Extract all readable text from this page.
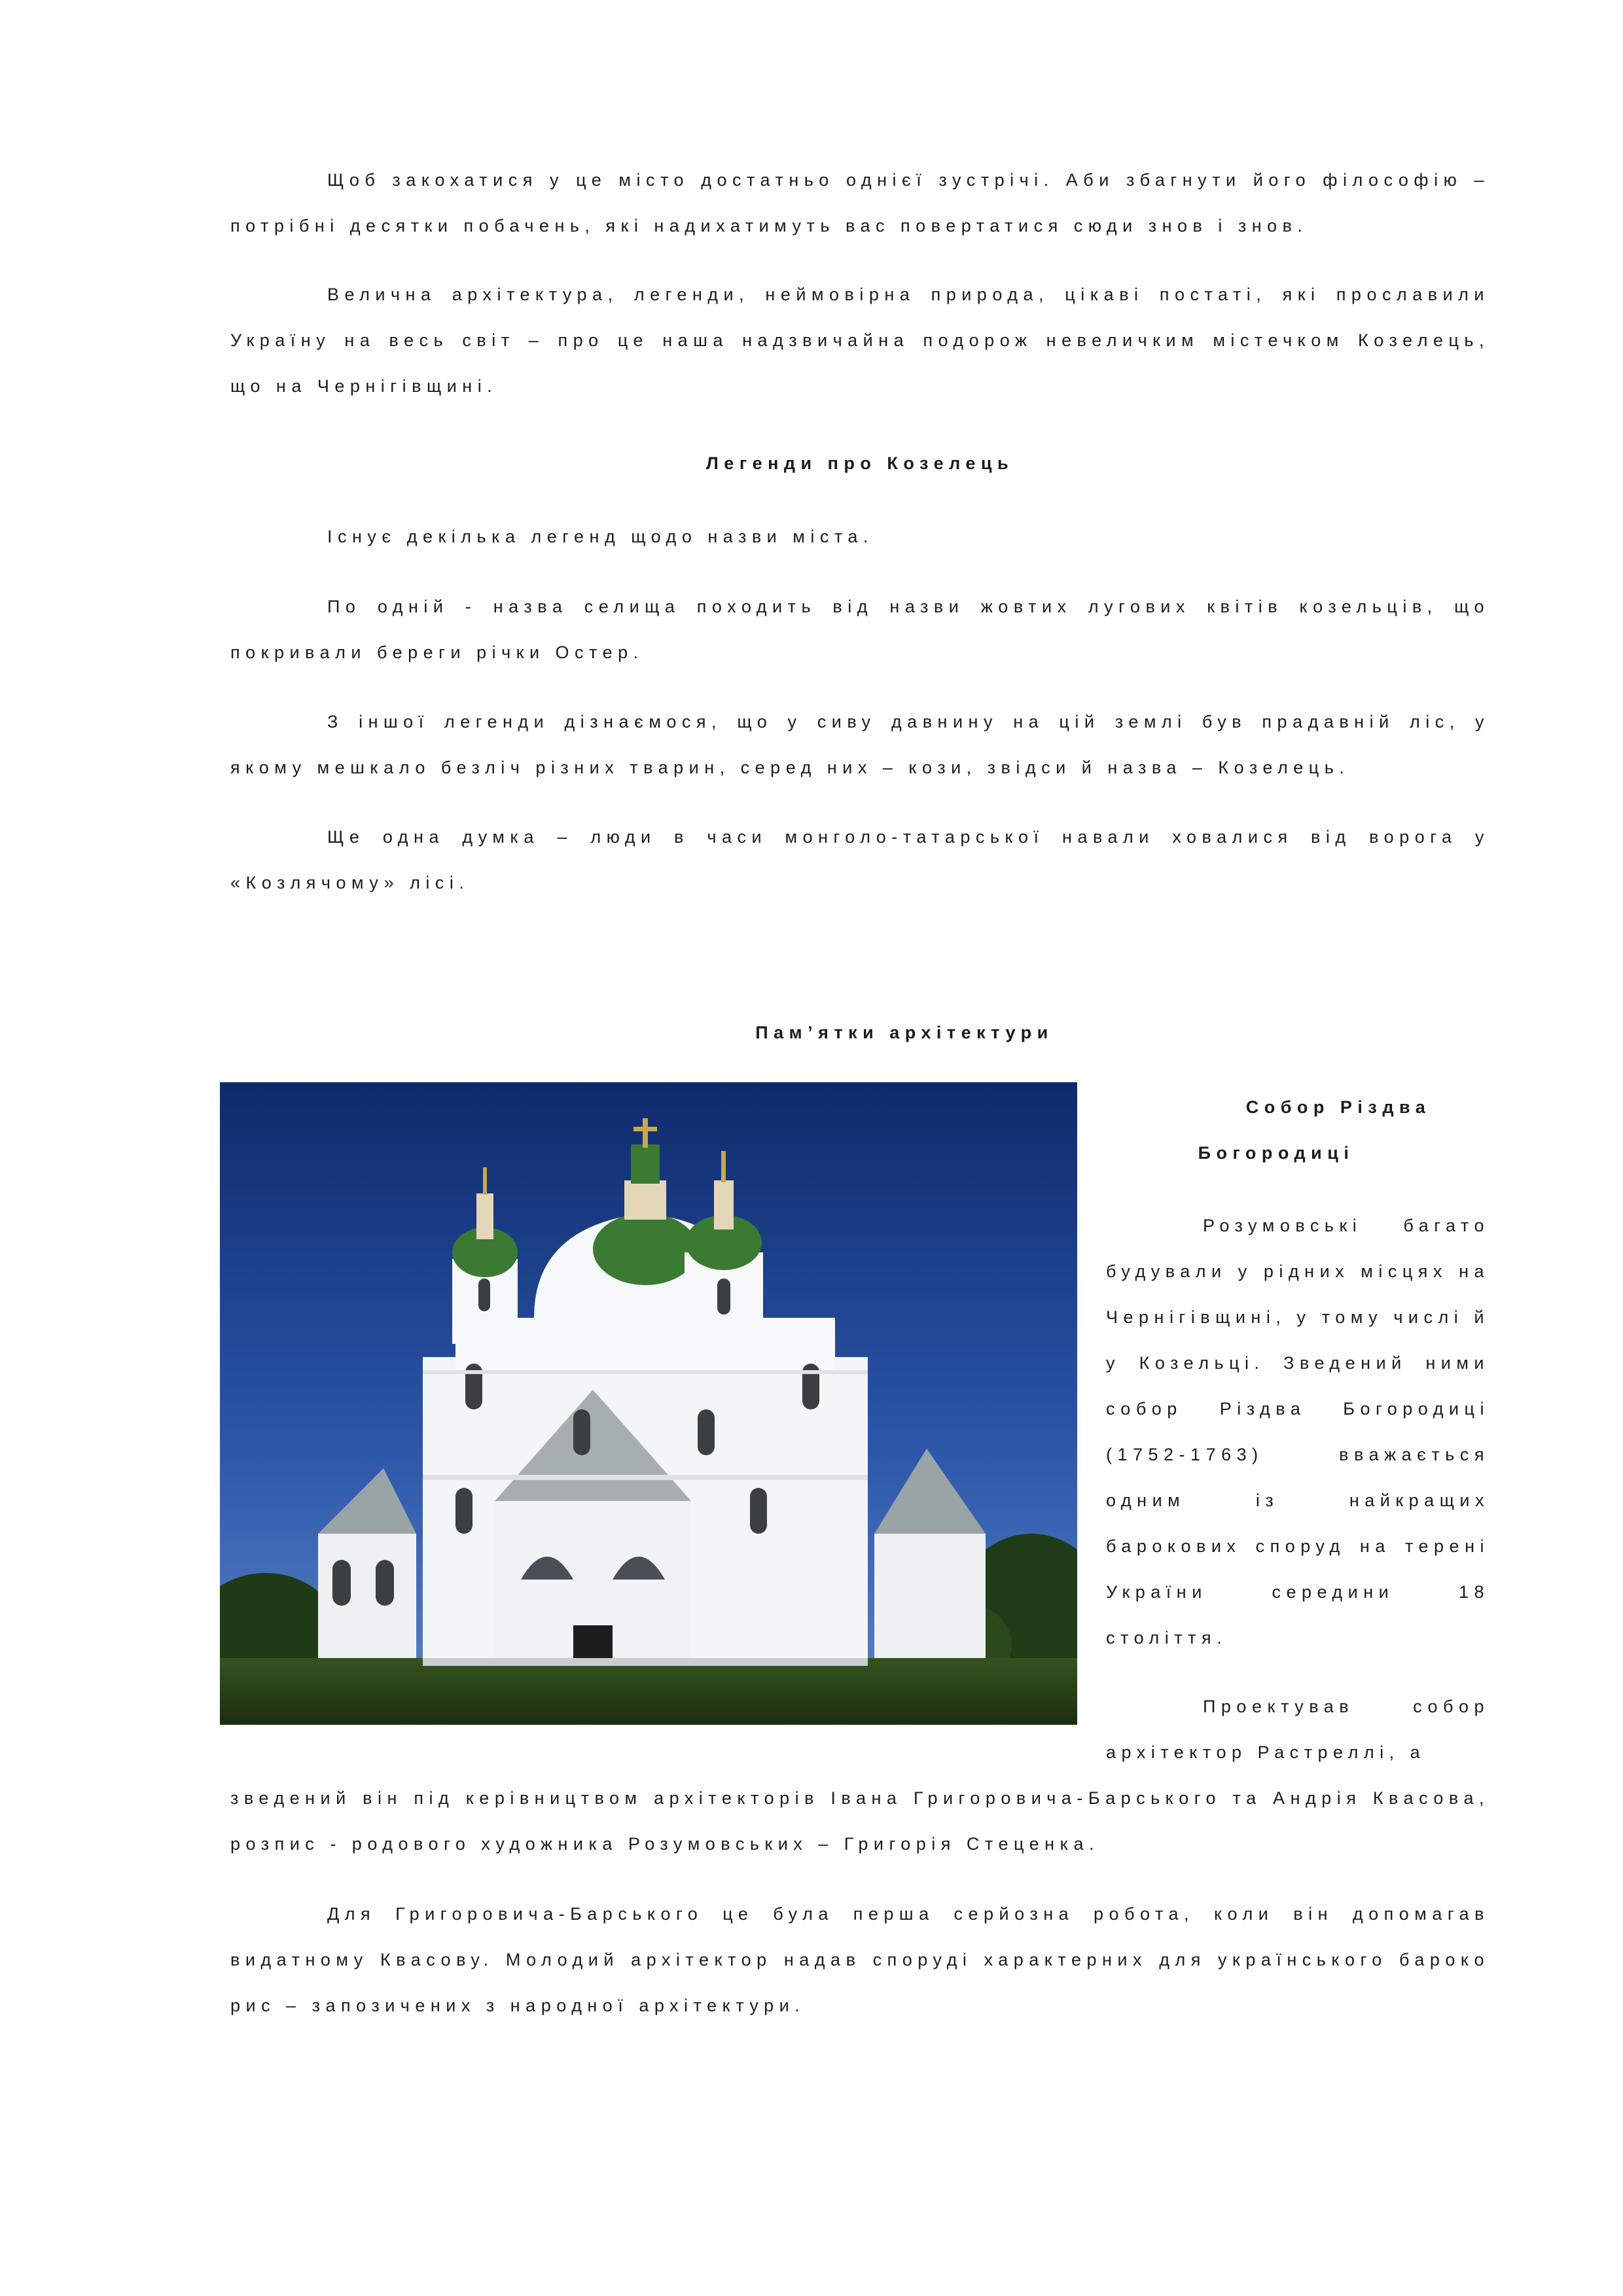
Щоб закохатися у це місто достатньо однієї зустрічі. Аби збагнути його філософію – потрібні десятки побачень, які надихатимуть вас повертатися сюди знов і знов.

Велична архітектура, легенди, неймовірна природа, цікаві постаті, які прославили Україну на весь світ – про це наша надзвичайна подорож невеличким містечком Козелець, що на Чернігівщині.

Легенди про Козелець

Існує декілька легенд щодо назви міста.

По одній - назва селища походить від назви жовтих лугових квітів козельців, що покривали береги річки Остер.

З іншої легенди дізнаємося, що у сиву давнину на цій землі був прадавній ліс, у якому мешкало безліч різних тварин, серед них – кози, звідси й назва – Козелець.

Ще одна думка – люди в часи монголо-татарської навали ховалися від ворога у «Козлячому» лісі.

Пам’ятки архітектури

Собор Різдва

Богородиці

Розумовські багато будували у рідних місцях на Чернігівщині, у тому числі й у Козельці. Зведений ними собор Різдва Богородиці (1752-1763) вважається одним із найкращих барокових споруд на терені України середини 18 століття.

Проектував собор архітектор Растреллі, а

зведений він під керівництвом архітекторів Івана Григоровича-Барського та Андрія Квасова, розпис - родового художника Розумовських – Григорія Стеценка.

Для Григоровича-Барського це була перша серйозна робота, коли він допомагав видатному Квасову. Молодий архітектор надав споруді характерних для українського бароко рис – запозичених з народної архітектури.
